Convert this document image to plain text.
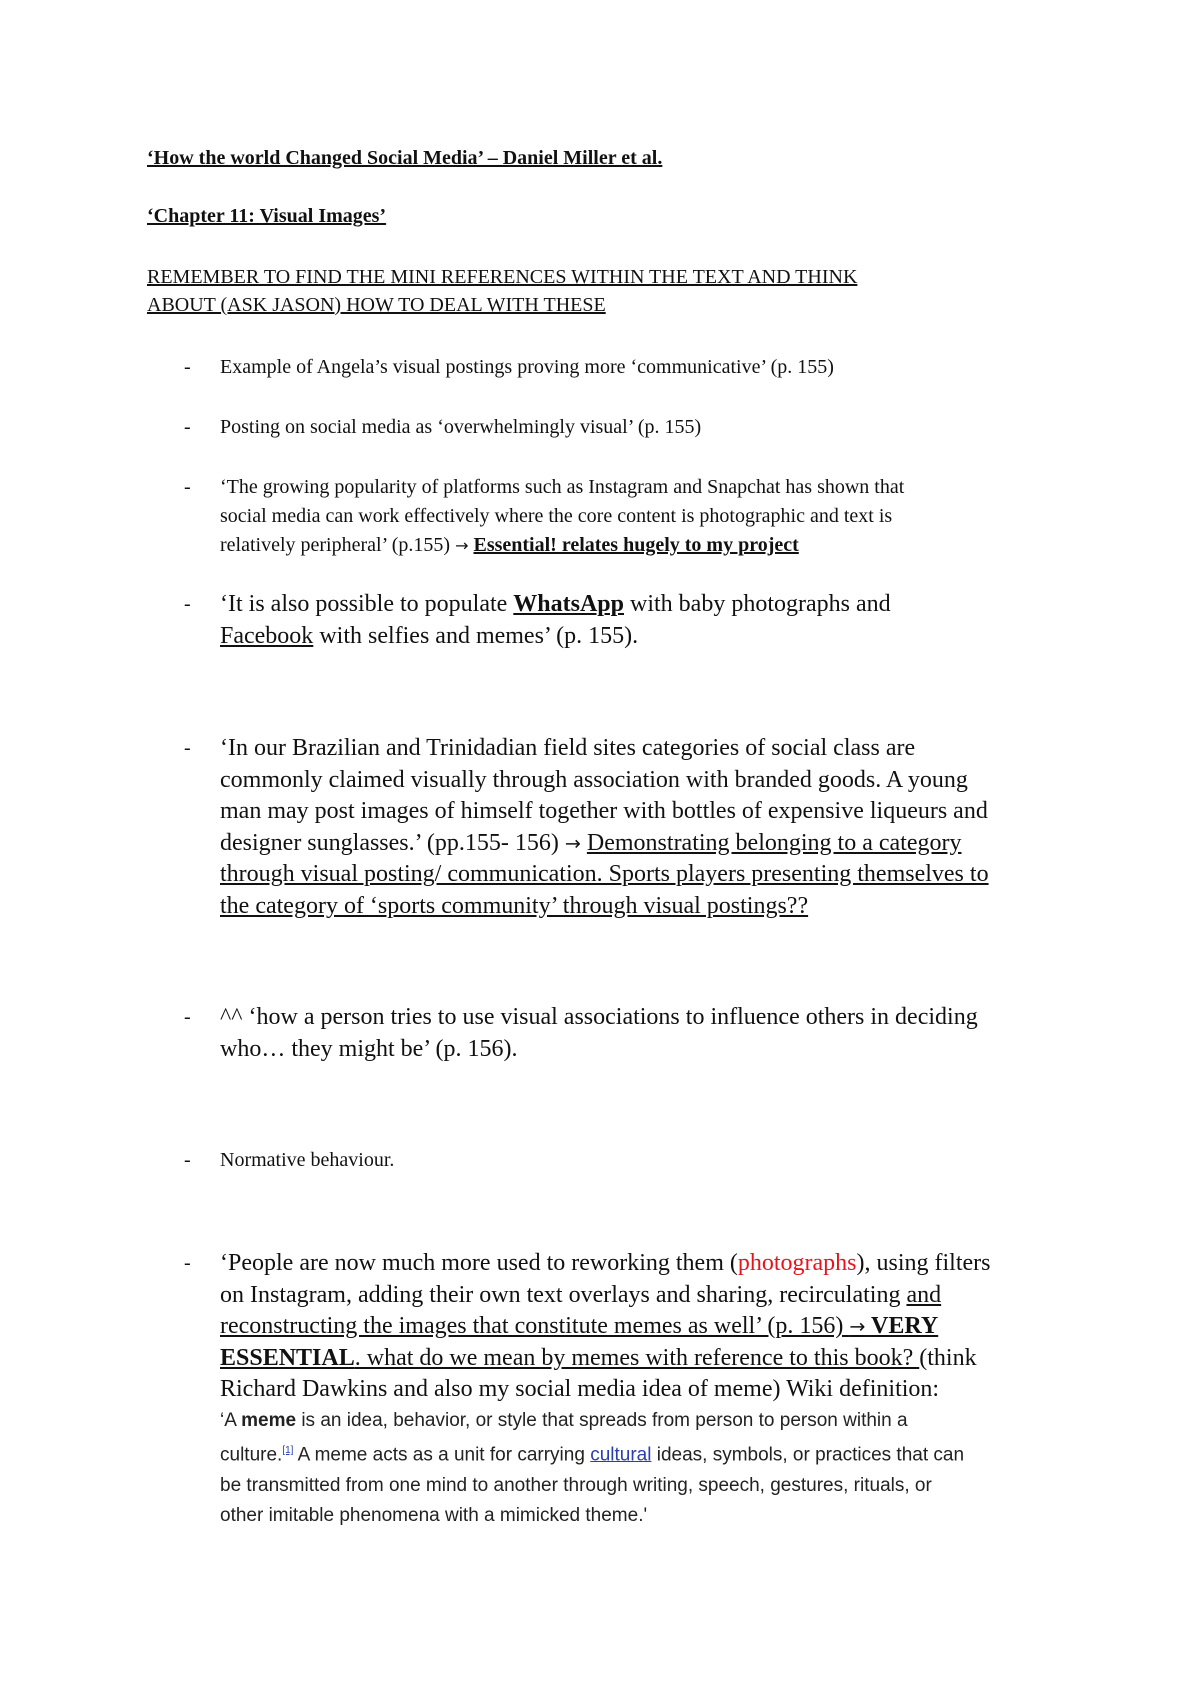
‘How the world Changed Social Media’ – Daniel Miller et al.
‘Chapter 11: Visual Images’
REMEMBER TO FIND THE MINI REFERENCES WITHIN THE TEXT AND THINK
ABOUT (ASK JASON) HOW TO DEAL WITH THESE
- Example of Angela’s visual postings proving more ‘communicative’ (p. 155)
- Posting on social media as ‘overwhelmingly visual’ (p. 155)
- ‘The growing popularity of platforms such as Instagram and Snapchat has shown that
social media can work effectively where the core content is photographic and text is
relatively peripheral’ (p.155) → Essential! relates hugely to my project
- ‘It is also possible to populate WhatsApp with baby photographs and
Facebook with selfies and memes’ (p. 155).
- ‘In our Brazilian and Trinidadian field sites categories of social class are
commonly claimed visually through association with branded goods. A young
man may post images of himself together with bottles of expensive liqueurs and
designer sunglasses.’ (pp.155- 156) → Demonstrating belonging to a category
through visual posting/ communication. Sports players presenting themselves to
the category of ‘sports community’ through visual postings??
- ^^ ‘how a person tries to use visual associations to influence others in deciding
who… they might be’ (p. 156).
- Normative behaviour.
- ‘People are now much more used to reworking them (photographs), using filters
on Instagram, adding their own text overlays and sharing, recirculating and
reconstructing the images that constitute memes as well’ (p. 156) → VERY
ESSENTIAL. what do we mean by memes with reference to this book? (think
Richard Dawkins and also my social media idea of meme) Wiki definition:
‘A meme is an idea, behavior, or style that spreads from person to person within a
culture.[1] A meme acts as a unit for carrying cultural ideas, symbols, or practices that can
be transmitted from one mind to another through writing, speech, gestures, rituals, or
other imitable phenomena with a mimicked theme.'
